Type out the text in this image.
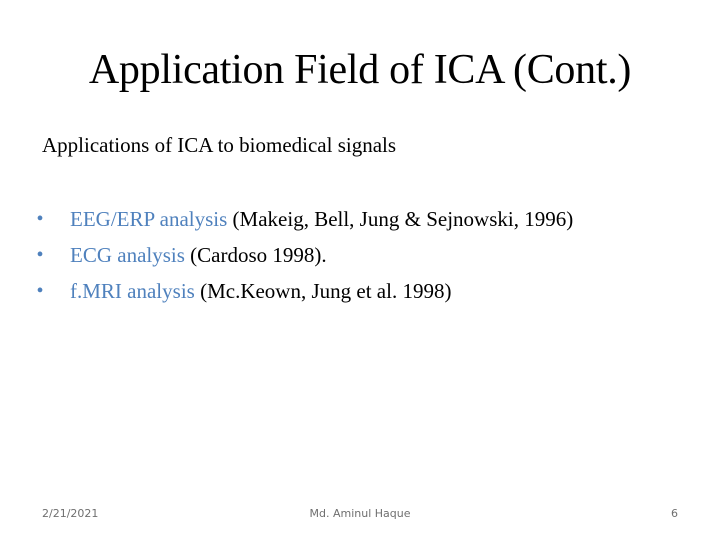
Application Field of ICA (Cont.)
Applications of ICA to biomedical signals
•	EEG/ERP analysis (Makeig, Bell, Jung & Sejnowski, 1996)
•	ECG analysis (Cardoso 1998).
•	f.MRI analysis (Mc.Keown, Jung et al. 1998)
2/21/2021	Md. Aminul Haque	6
